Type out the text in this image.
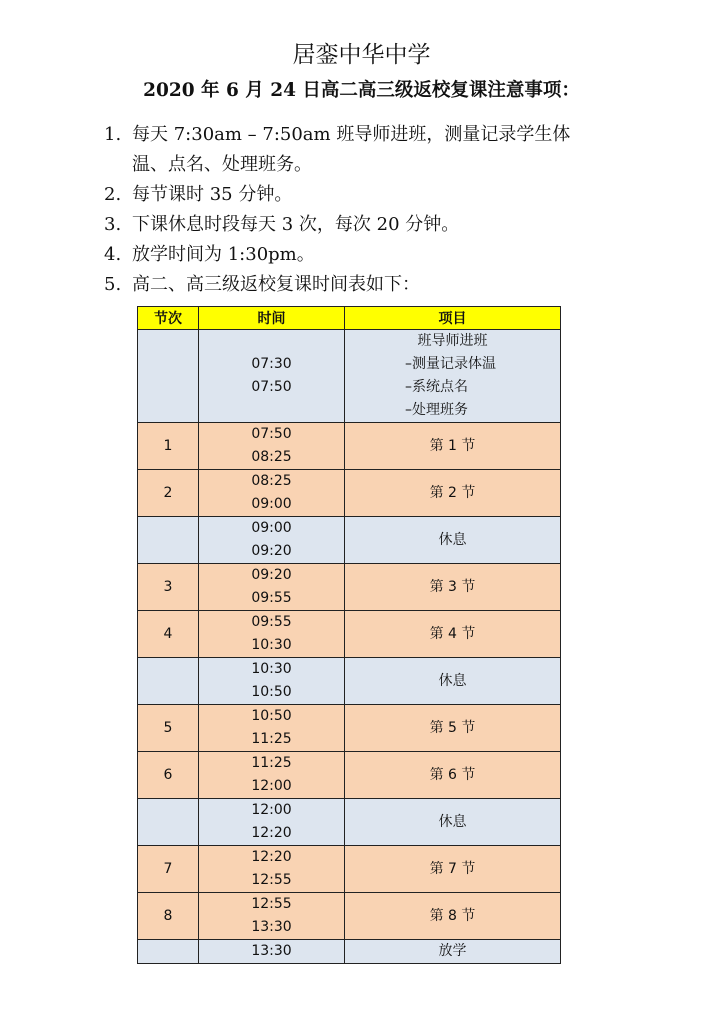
居銮中华中学
2020 年 6 月 24 日高二高三级返校复课注意事项：
1. 每天 7:30am – 7:50am 班导师进班，测量记录学生体
温、点名、处理班务。
2. 每节课时 35 分钟。
3. 下课休息时段每天 3 次，每次 20 分钟。
4. 放学时间为 1:30pm。
5. 高二、高三级返校复课时间表如下：
节次	时间	项目
	07:30
07:50	班导师进班
–测量记录体温
–系统点名
–处理班务

1	07:50
08:25	第 1 节
2	08:25
09:00	第 2 节
	09:00
09:20	休息
3	09:20
09:55	第 3 节
4	09:55
10:30	第 4 节
	10:30
10:50	休息
5	10:50
11:25	第 5 节
6	11:25
12:00	第 6 节
	12:00
12:20	休息
7	12:20
12:55	第 7 节
8	12:55
13:30	第 8 节
	13:30	放学
